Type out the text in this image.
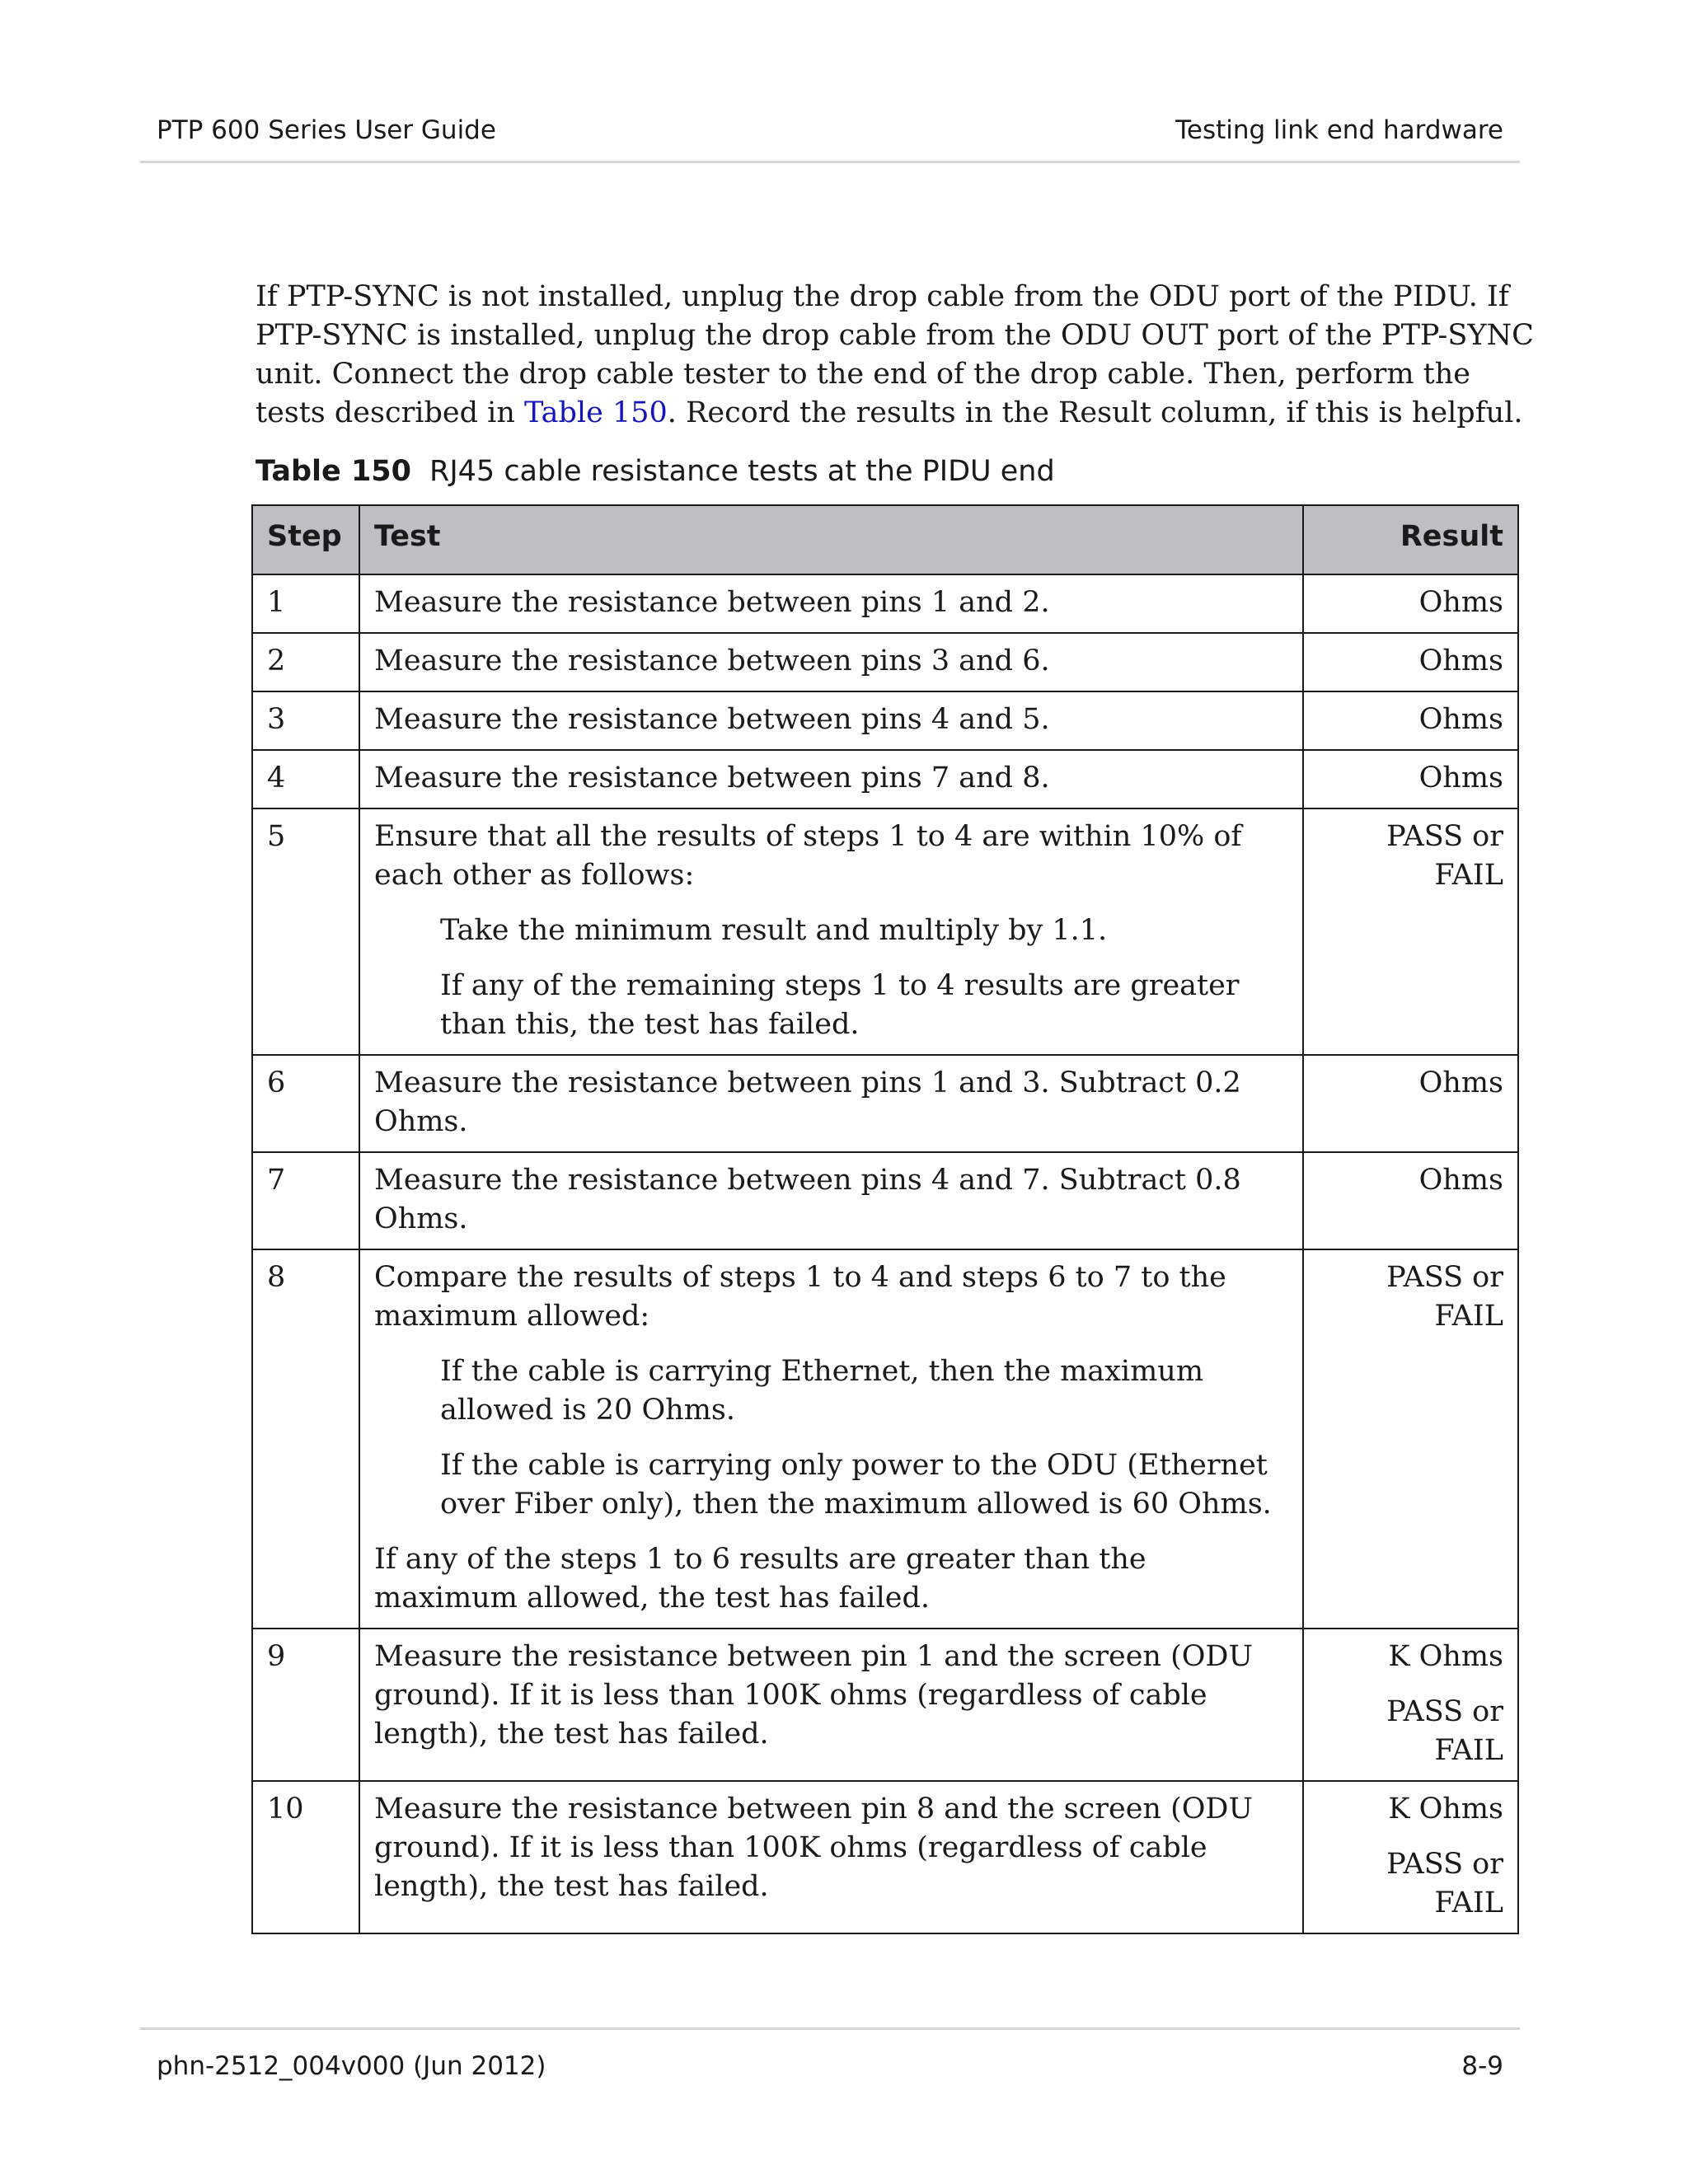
PTP 600 Series User Guide	Testing link end hardware
If PTP-SYNC is not installed, unplug the drop cable from the ODU port of the PIDU. If PTP-SYNC is installed, unplug the drop cable from the ODU OUT port of the PTP-SYNC unit. Connect the drop cable tester to the end of the drop cable. Then, perform the tests described in Table 150. Record the results in the Result column, if this is helpful.
Table 150 RJ45 cable resistance tests at the PIDU end
Step	Test	Result
1	Measure the resistance between pins 1 and 2.	Ohms

2	Measure the resistance between pins 3 and 6.	Ohms

3	Measure the resistance between pins 4 and 5.	Ohms

4	Measure the resistance between pins 7 and 8.	Ohms

5	Ensure that all the results of steps 1 to 4 are within 10% of each other as follows:
Take the minimum result and multiply by 1.1.
If any of the remaining steps 1 to 4 results are greater than this, the test has failed.	PASS or FAIL

6	Measure the resistance between pins 1 and 3. Subtract 0.2 Ohms.	Ohms

7	Measure the resistance between pins 4 and 7. Subtract 0.8 Ohms.	Ohms

8	Compare the results of steps 1 to 4 and steps 6 to 7 to the maximum allowed:
If the cable is carrying Ethernet, then the maximum allowed is 20 Ohms.
If the cable is carrying only power to the ODU (Ethernet over Fiber only), then the maximum allowed is 60 Ohms.
If any of the steps 1 to 6 results are greater than the maximum allowed, the test has failed.	PASS or FAIL

9	Measure the resistance between pin 1 and the screen (ODU ground). If it is less than 100K ohms (regardless of cable length), the test has failed.	K Ohms
PASS or FAIL

10	Measure the resistance between pin 8 and the screen (ODU ground). If it is less than 100K ohms (regardless of cable length), the test has failed.	K Ohms
PASS or FAIL
phn-2512_004v000 (Jun 2012)	8-9
